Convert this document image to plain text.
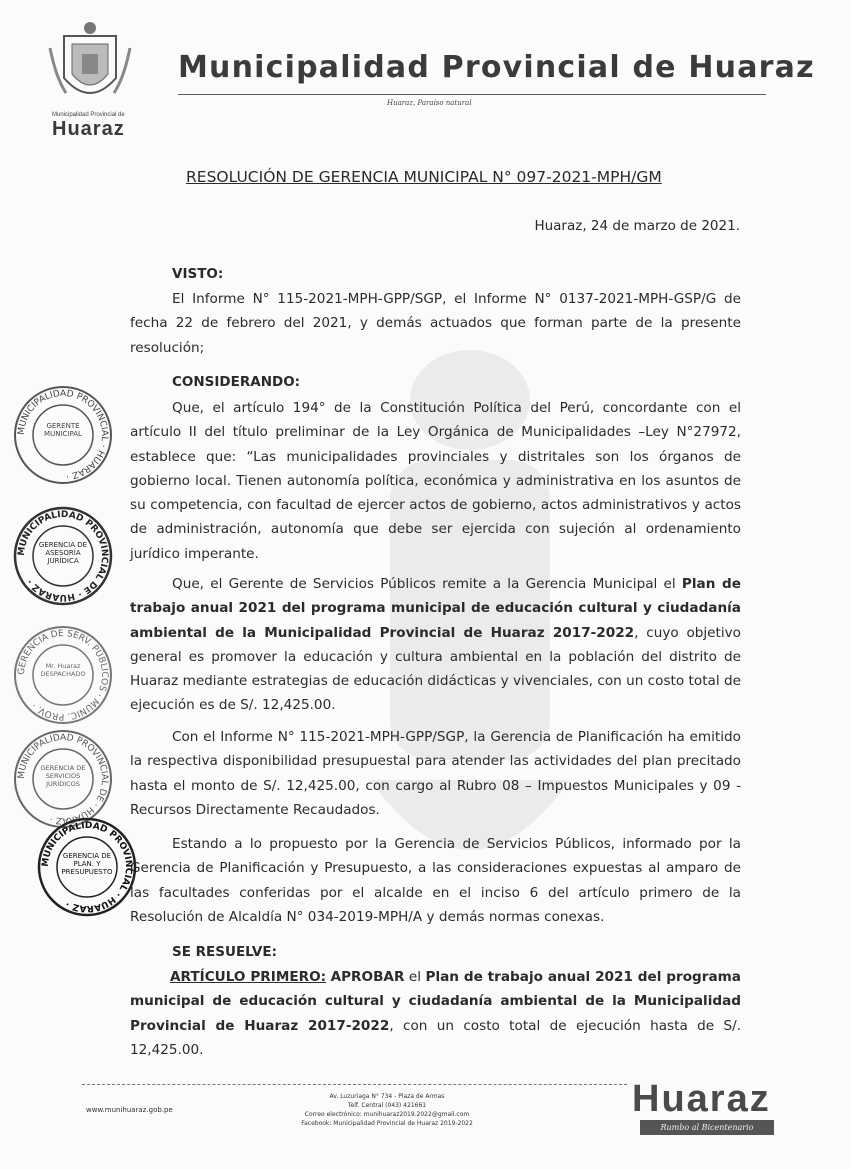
Municipalidad Provincial de
Huaraz
Municipalidad Provincial de Huaraz
Huaraz, Paraíso natural
RESOLUCIÓN DE GERENCIA MUNICIPAL N° 097-2021-MPH/GM
Huaraz, 24 de marzo de 2021.
VISTO:
El Informe N° 115-2021-MPH-GPP/SGP, el Informe N° 0137-2021-MPH-GSP/G de fecha 22 de febrero del 2021, y demás actuados que forman parte de la presente resolución;
CONSIDERANDO:
Que, el artículo 194° de la Constitución Política del Perú, concordante con el artículo II del título preliminar de la Ley Orgánica de Municipalidades –Ley N°27972, establece que: “Las municipalidades provinciales y distritales son los órganos de gobierno local. Tienen autonomía política, económica y administrativa en los asuntos de su competencia, con facultad de ejercer actos de gobierno, actos administrativos y actos de administración, autonomía que debe ser ejercida con sujeción al ordenamiento jurídico imperante.
Que, el Gerente de Servicios Públicos remite a la Gerencia Municipal el Plan de trabajo anual 2021 del programa municipal de educación cultural y ciudadanía ambiental de la Municipalidad Provincial de Huaraz 2017-2022, cuyo objetivo general es promover la educación y cultura ambiental en la población del distrito de Huaraz mediante estrategias de educación didácticas y vivenciales, con un costo total de ejecución es de S/. 12,425.00.
Con el Informe N° 115-2021-MPH-GPP/SGP, la Gerencia de Planificación ha emitido la respectiva disponibilidad presupuestal para atender las actividades del plan precitado hasta el monto de S/. 12,425.00, con cargo al Rubro 08 – Impuestos Municipales y 09 - Recursos Directamente Recaudados.
Estando a lo propuesto por la Gerencia de Servicios Públicos, informado por la Gerencia de Planificación y Presupuesto, a las consideraciones expuestas al amparo de las facultades conferidas por el alcalde en el inciso 6 del artículo primero de la Resolución de Alcaldía N° 034-2019-MPH/A y demás normas conexas.
SE RESUELVE:
ARTÍCULO PRIMERO: APROBAR el Plan de trabajo anual 2021 del programa municipal de educación cultural y ciudadanía ambiental de la Municipalidad Provincial de Huaraz 2017-2022, con un costo total de ejecución hasta de S/. 12,425.00.
MUNICIPALIDAD PROVINCIAL · HUARAZ ·
GERENTE MUNICIPAL
MUNICIPALIDAD PROVINCIAL DE · HUARAZ ·
GERENCIA DE ASESORÍA JURÍDICA
GERENCIA DE SERV. PÚBLICOS · MUNIC. PROV. ·
Mr. Huaraz DESPACHADO
MUNICIPALIDAD PROVINCIAL DE · HUARAZ ·
GERENCIA DE SERVICIOS JURÍDICOS
MUNICIPALIDAD PROVINCIAL · HUARAZ ·
GERENCIA DE PLAN. Y PRESUPUESTO
www.munihuaraz.gob.pe
Av. Luzuriaga N° 734 - Plaza de Armas
Telf. Central (043) 421661
Correo electrónico: munihuaraz2019.2022@gmail.com
Facebook: Municipalidad Provincial de Huaraz 2019-2022
Huaraz
Rumbo al Bicentenario
